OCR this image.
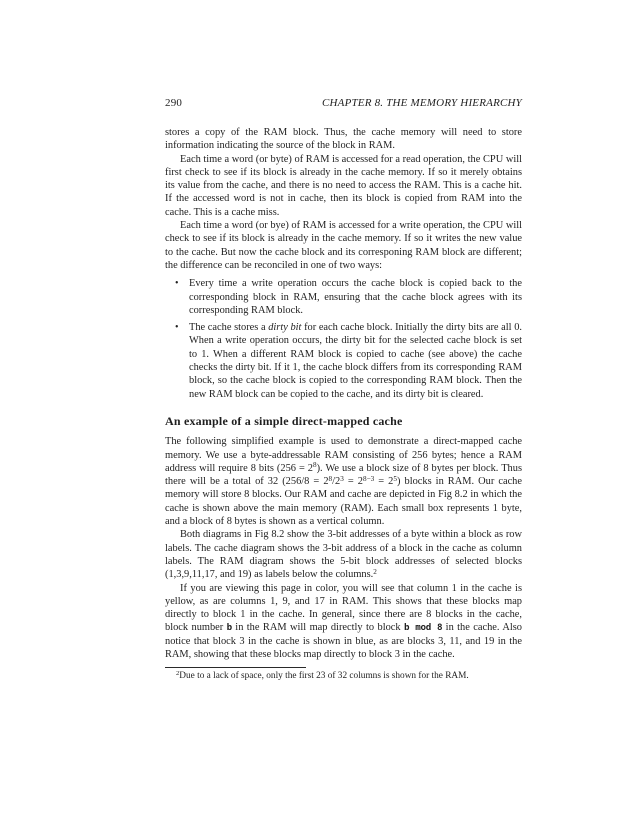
290	CHAPTER 8. THE MEMORY HIERARCHY

stores a copy of the RAM block. Thus, the cache memory will need to store information indicating the source of the block in RAM.

Each time a word (or byte) of RAM is accessed for a read operation, the CPU will first check to see if its block is already in the cache memory. If so it merely obtains its value from the cache, and there is no need to access the RAM. This is a cache hit. If the accessed word is not in cache, then its block is copied from RAM into the cache. This is a cache miss.

Each time a word (or bye) of RAM is accessed for a write operation, the CPU will check to see if its block is already in the cache memory. If so it writes the new value to the cache. But now the cache block and its corresponing RAM block are different; the difference can be reconciled in one of two ways:

•	Every time a write operation occurs the cache block is copied back to the corresponding block in RAM, ensuring that the cache block agrees with its corresponding RAM block.
•	The cache stores a dirty bit for each cache block. Initially the dirty bits are all 0. When a write operation occurs, the dirty bit for the selected cache block is set to 1. When a different RAM block is copied to cache (see above) the cache checks the dirty bit. If it 1, the cache block differs from its corresponding RAM block, so the cache block is copied to the corresponding RAM block. Then the new RAM block can be copied to the cache, and its dirty bit is cleared.
An example of a simple direct-mapped cache

The following simplified example is used to demonstrate a direct-mapped cache memory. We use a byte-addressable RAM consisting of 256 bytes; hence a RAM address will require 8 bits $(256 = 2^8)$. We use a block size of 8 bytes per block. Thus there will be a total of 32 $(256/8 = 2^8/2^3 = 2^{8-3} = 2^5)$ blocks in RAM. Our cache memory will store 8 blocks. Our RAM and cache are depicted in Fig 8.2 in which the cache is shown above the main memory (RAM). Each small box represents 1 byte, and a block of 8 bytes is shown as a vertical column.

Both diagrams in Fig 8.2 show the 3-bit addresses of a byte within a block as row labels. The cache diagram shows the 3-bit address of a block in the cache as column labels. The RAM diagram shows the 5-bit block addresses of selected blocks (1,3,9,11,17, and 19) as labels below the columns.$^2$

If you are viewing this page in color, you will see that column 1 in the cache is yellow, as are columns 1, 9, and 17 in RAM. This shows that these blocks map directly to block 1 in the cache. In general, since there are 8 blocks in the cache, block number b in the RAM will map directly to block b mod 8 in the cache. Also notice that block 3 in the cache is shown in blue, as are blocks 3, 11, and 19 in the RAM, showing that these blocks map directly to block 3 in the cache.

$^2$Due to a lack of space, only the first 23 of 32 columns is shown for the RAM.
